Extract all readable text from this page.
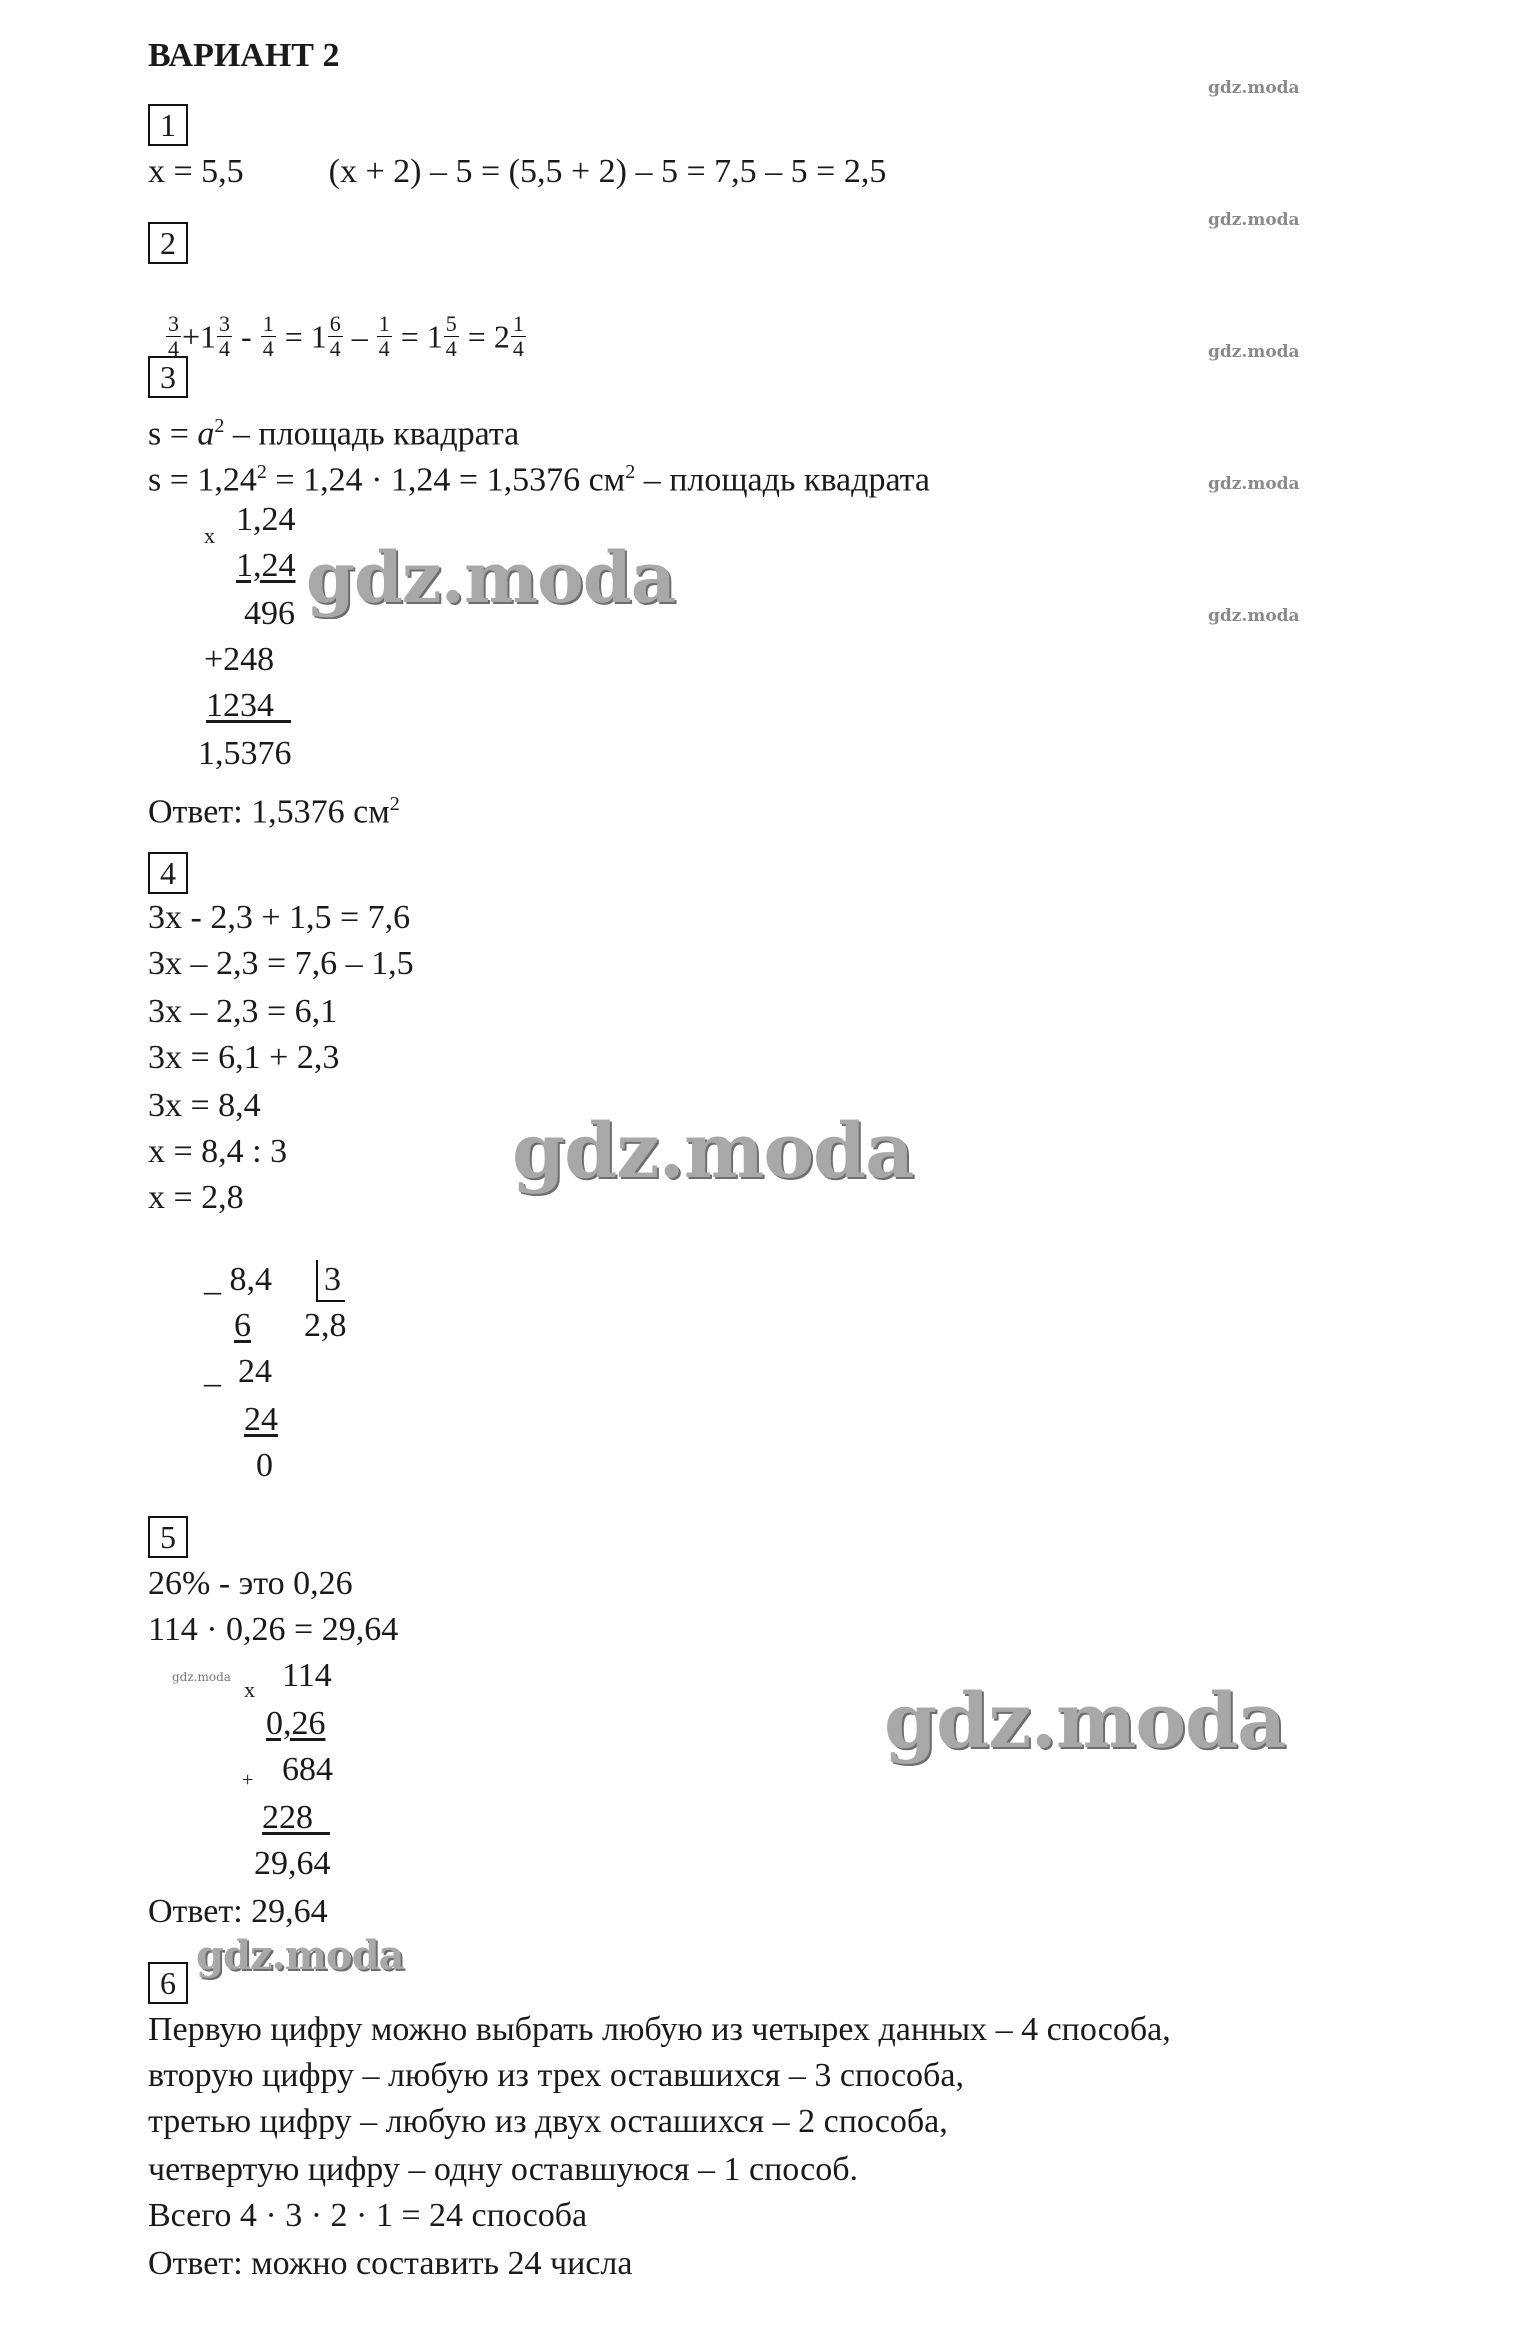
ВАРИАНТ 2
gdz.moda
gdz.moda
gdz.moda
gdz.moda
gdz.moda
1
x = 5,5          (x + 2) – 5 = (5,5 + 2) – 5 = 7,5 – 5 = 2,5
2

$\frac{3}{4} +1 \frac{3}{4} - \frac{1}{4} = 1 \frac{6}{4} - \frac{1}{4} = 1 \frac{5}{4} = 2 \frac{1}{4}$

3
$s = a^2$ – площадь квадрата
$s = 1,24^2 = 1,24 \cdot 1,24 = 1,5376$ $см^2$ – площадь квадрата
x 1,24
1,24
496
+248
1234
1,5376
Ответ: 1,5376 $см^2$
gdz.moda
4
3x - 2,3 + 1,5 = 7,6
3x – 2,3 = 7,6 – 1,5
3x – 2,3 = 6,1
3x = 6,1 + 2,3
3x = 8,4
x = 8,4 : 3
x = 2,8
gdz.moda
_ 8,4 3
6 2,8
_  24
24
0
5
26% - это 0,26
114 · 0,26 = 29,64
gdz.moda x 114
0,26
+ 684
228
29,64
Ответ: 29,64
gdz.moda
gdz.moda
6
Первую цифру можно выбрать любую из четырех данных – 4 способа,
вторую цифру – любую из трех оставшихся – 3 способа,
третью цифру – любую из двух осташихся – 2 способа,
четвертую цифру – одну оставшуюся – 1 способ.
Всего 4 · 3 · 2 · 1 = 24 способа
Ответ: можно составить 24 числа
